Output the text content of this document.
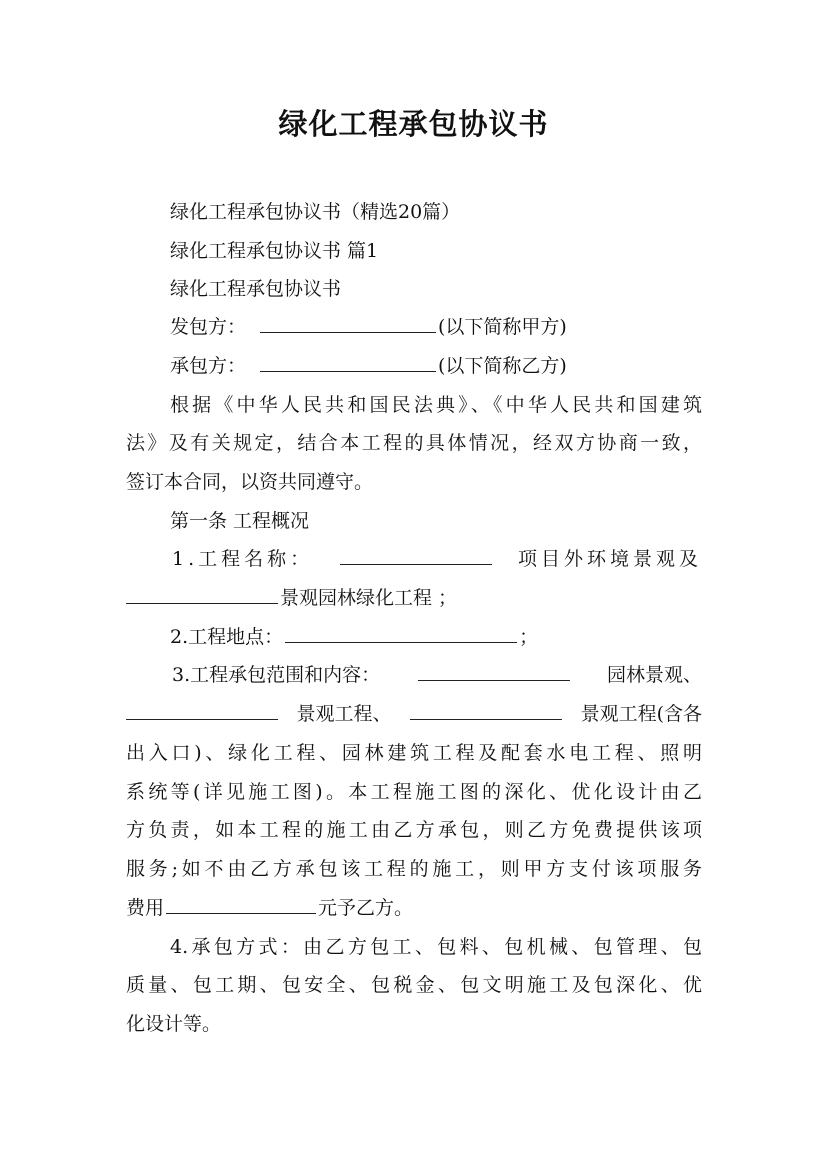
绿化工程承包协议书
绿化工程承包协议书（精选20篇）
绿化工程承包协议书 篇1
绿化工程承包协议书
发包方：	(以下简称甲方)
承包方：	(以下简称乙方)
根据《中华人民共和国民法典》、《中华人民共和国建筑
法》及有关规定，结合本工程的具体情况，经双方协商一致，
签订本合同，以资共同遵守。
第一条 工程概况
1.工程名称：	项目外环境景观及
景观园林绿化工程 ；
2.工程地点：	；
3.工程承包范围和内容：	园林景观、
景观工程、	景观工程(含各
出入口)、绿化工程、园林建筑工程及配套水电工程、照明
系统等(详见施工图)。本工程施工图的深化、优化设计由乙
方负责，如本工程的施工由乙方承包，则乙方免费提供该项
服务;如不由乙方承包该工程的施工，则甲方支付该项服务
费用	元予乙方。
4.承包方式：由乙方包工、包料、包机械、包管理、包
质量、包工期、包安全、包税金、包文明施工及包深化、优
化设计等。
